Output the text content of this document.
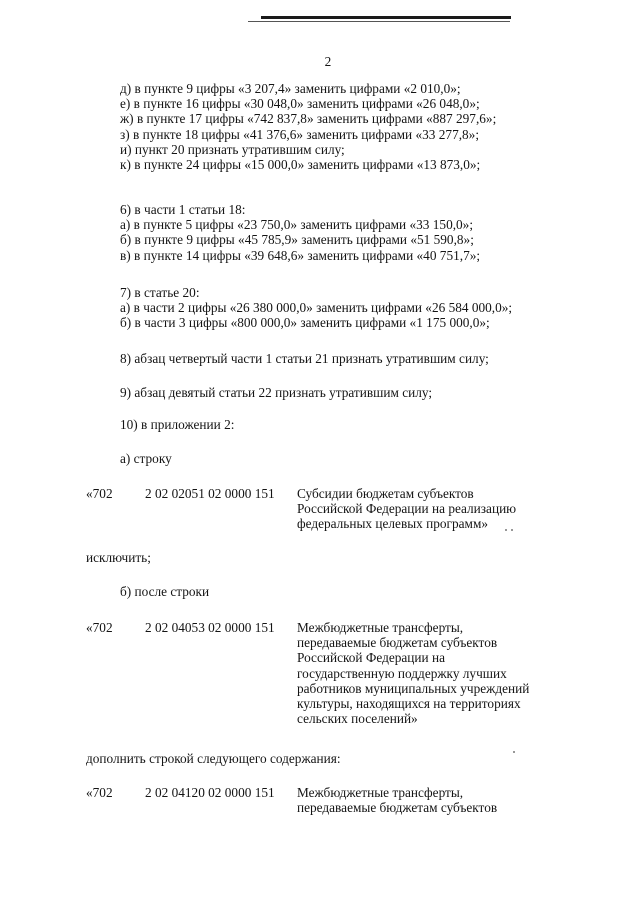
2
д) в пункте 9 цифры «3 207,4» заменить цифрами «2 010,0»;
е) в пункте 16 цифры «30 048,0» заменить цифрами «26 048,0»;
ж) в пункте 17 цифры «742 837,8» заменить цифрами «887 297,6»;
з) в пункте 18 цифры «41 376,6» заменить цифрами «33 277,8»;
и) пункт 20 признать утратившим силу;
к) в пункте 24 цифры «15 000,0» заменить цифрами «13 873,0»;
6) в части 1 статьи 18:
а) в пункте 5 цифры «23 750,0» заменить цифрами «33 150,0»;
б) в пункте 9 цифры «45 785,9» заменить цифрами «51 590,8»;
в) в пункте 14 цифры «39 648,6» заменить цифрами «40 751,7»;
7) в статье 20:
а) в части 2 цифры «26 380 000,0» заменить цифрами «26 584 000,0»;
б) в части 3 цифры «800 000,0» заменить цифрами «1 175 000,0»;
8) абзац четвертый части 1 статьи 21 признать утратившим силу;
9) абзац девятый статьи 22 признать утратившим силу;
10) в приложении 2:
а) строку
«702 2 02 02051 02 0000 151 Субсидии бюджетам субъектов
Российской Федерации на реализацию
федеральных целевых программ»
исключить;
б) после строки
«702 2 02 04053 02 0000 151 Межбюджетные трансферты,
передаваемые бюджетам субъектов
Российской Федерации на
государственную поддержку лучших
работников муниципальных учреждений
культуры, находящихся на территориях
сельских поселений»
дополнить строкой следующего содержания:
«702 2 02 04120 02 0000 151 Межбюджетные трансферты,
передаваемые бюджетам субъектов
